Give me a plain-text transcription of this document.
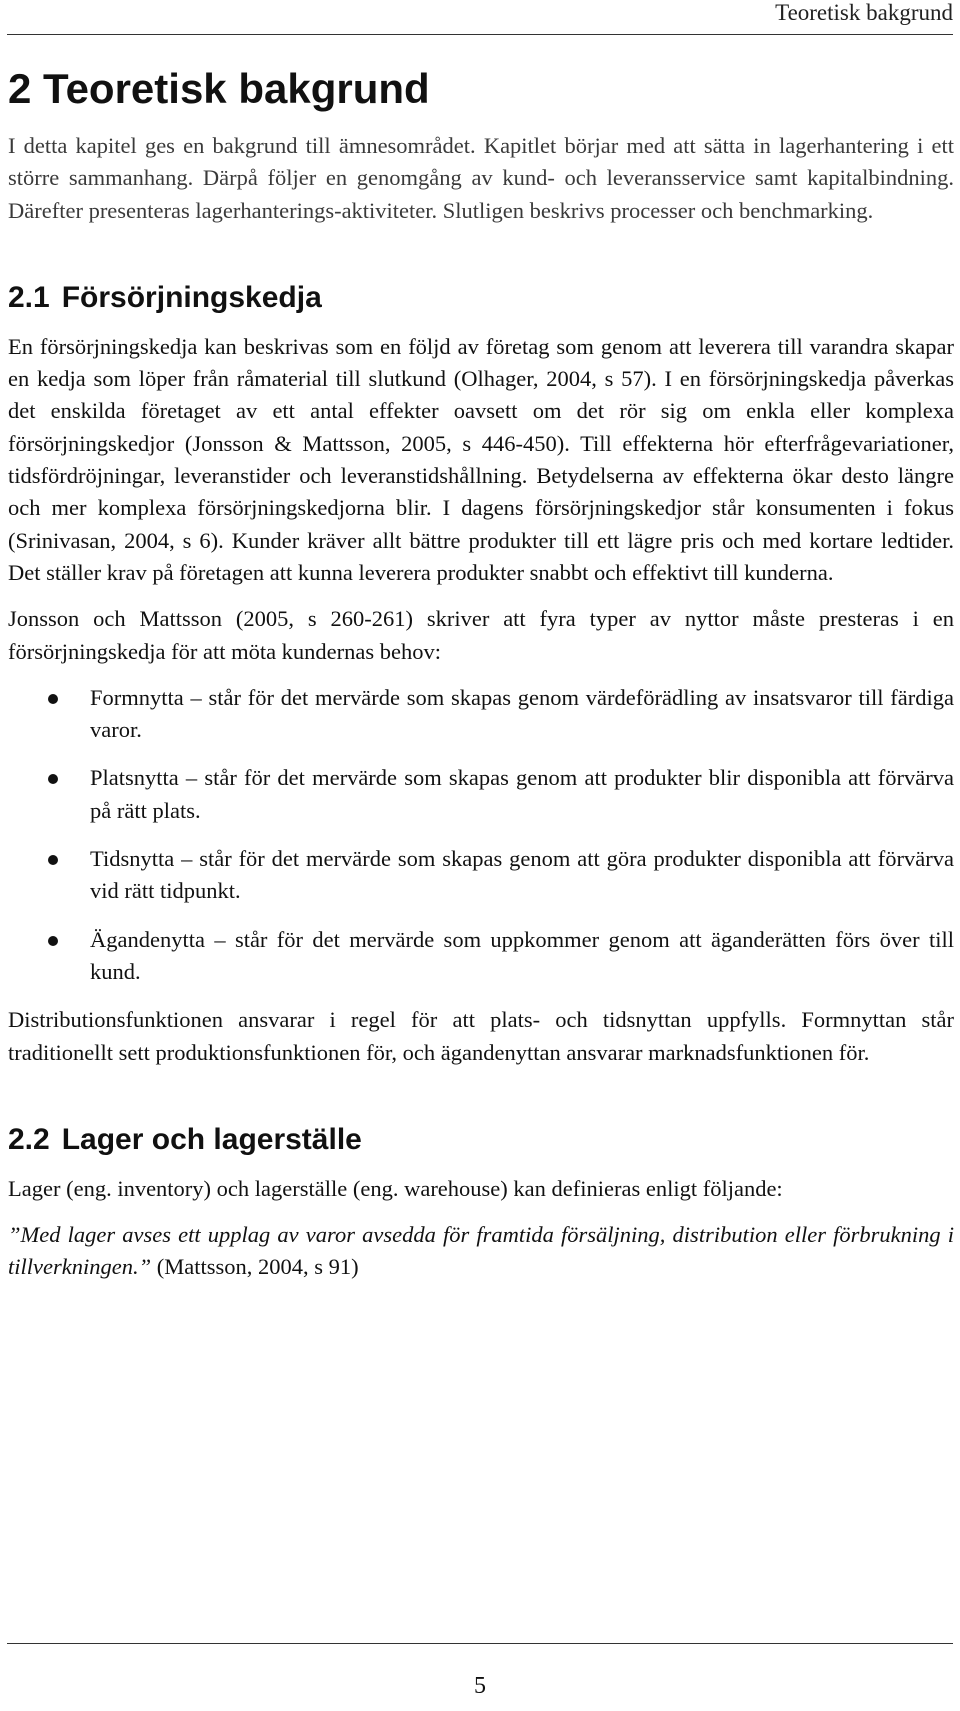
Teoretisk bakgrund
2 Teoretisk bakgrund

I detta kapitel ges en bakgrund till ämnesområdet. Kapitlet börjar med att sätta in lagerhantering i ett större sammanhang. Därpå följer en genomgång av kund- och leveransservice samt kapitalbindning. Därefter presenteras lagerhanterings-aktiviteter. Slutligen beskrivs processer och benchmarking.

2.1 Försörjningskedja

En försörjningskedja kan beskrivas som en följd av företag som genom att leverera till varandra skapar en kedja som löper från råmaterial till slutkund (Olhager, 2004, s 57). I en försörjningskedja påverkas det enskilda företaget av ett antal effekter oavsett om det rör sig om enkla eller komplexa försörjningskedjor (Jonsson & Mattsson, 2005, s 446-450). Till effekterna hör efterfrågevariationer, tidsfördröjningar, leveranstider och leveranstidshållning. Betydelserna av effekterna ökar desto längre och mer komplexa försörjningskedjorna blir. I dagens försörjningskedjor står konsumenten i fokus (Srinivasan, 2004, s 6). Kunder kräver allt bättre produkter till ett lägre pris och med kortare ledtider. Det ställer krav på företagen att kunna leverera produkter snabbt och effektivt till kunderna.

Jonsson och Mattsson (2005, s 260-261) skriver att fyra typer av nyttor måste presteras i en försörjningskedja för att möta kundernas behov:

Formnytta – står för det mervärde som skapas genom värdeförädling av insatsvaror till färdiga varor.

Platsnytta – står för det mervärde som skapas genom att produkter blir disponibla att förvärva på rätt plats.

Tidsnytta – står för det mervärde som skapas genom att göra produkter disponibla att förvärva vid rätt tidpunkt.

Ägandenytta – står för det mervärde som uppkommer genom att äganderätten förs över till kund.

Distributionsfunktionen ansvarar i regel för att plats- och tidsnyttan uppfylls. Formnyttan står traditionellt sett produktionsfunktionen för, och ägandenyttan ansvarar marknadsfunktionen för.

2.2 Lager och lagerställe

Lager (eng. inventory) och lagerställe (eng. warehouse) kan definieras enligt följande:

”Med lager avses ett upplag av varor avsedda för framtida försäljning, distribution eller förbrukning i tillverkningen.” (Mattsson, 2004, s 91)

5
